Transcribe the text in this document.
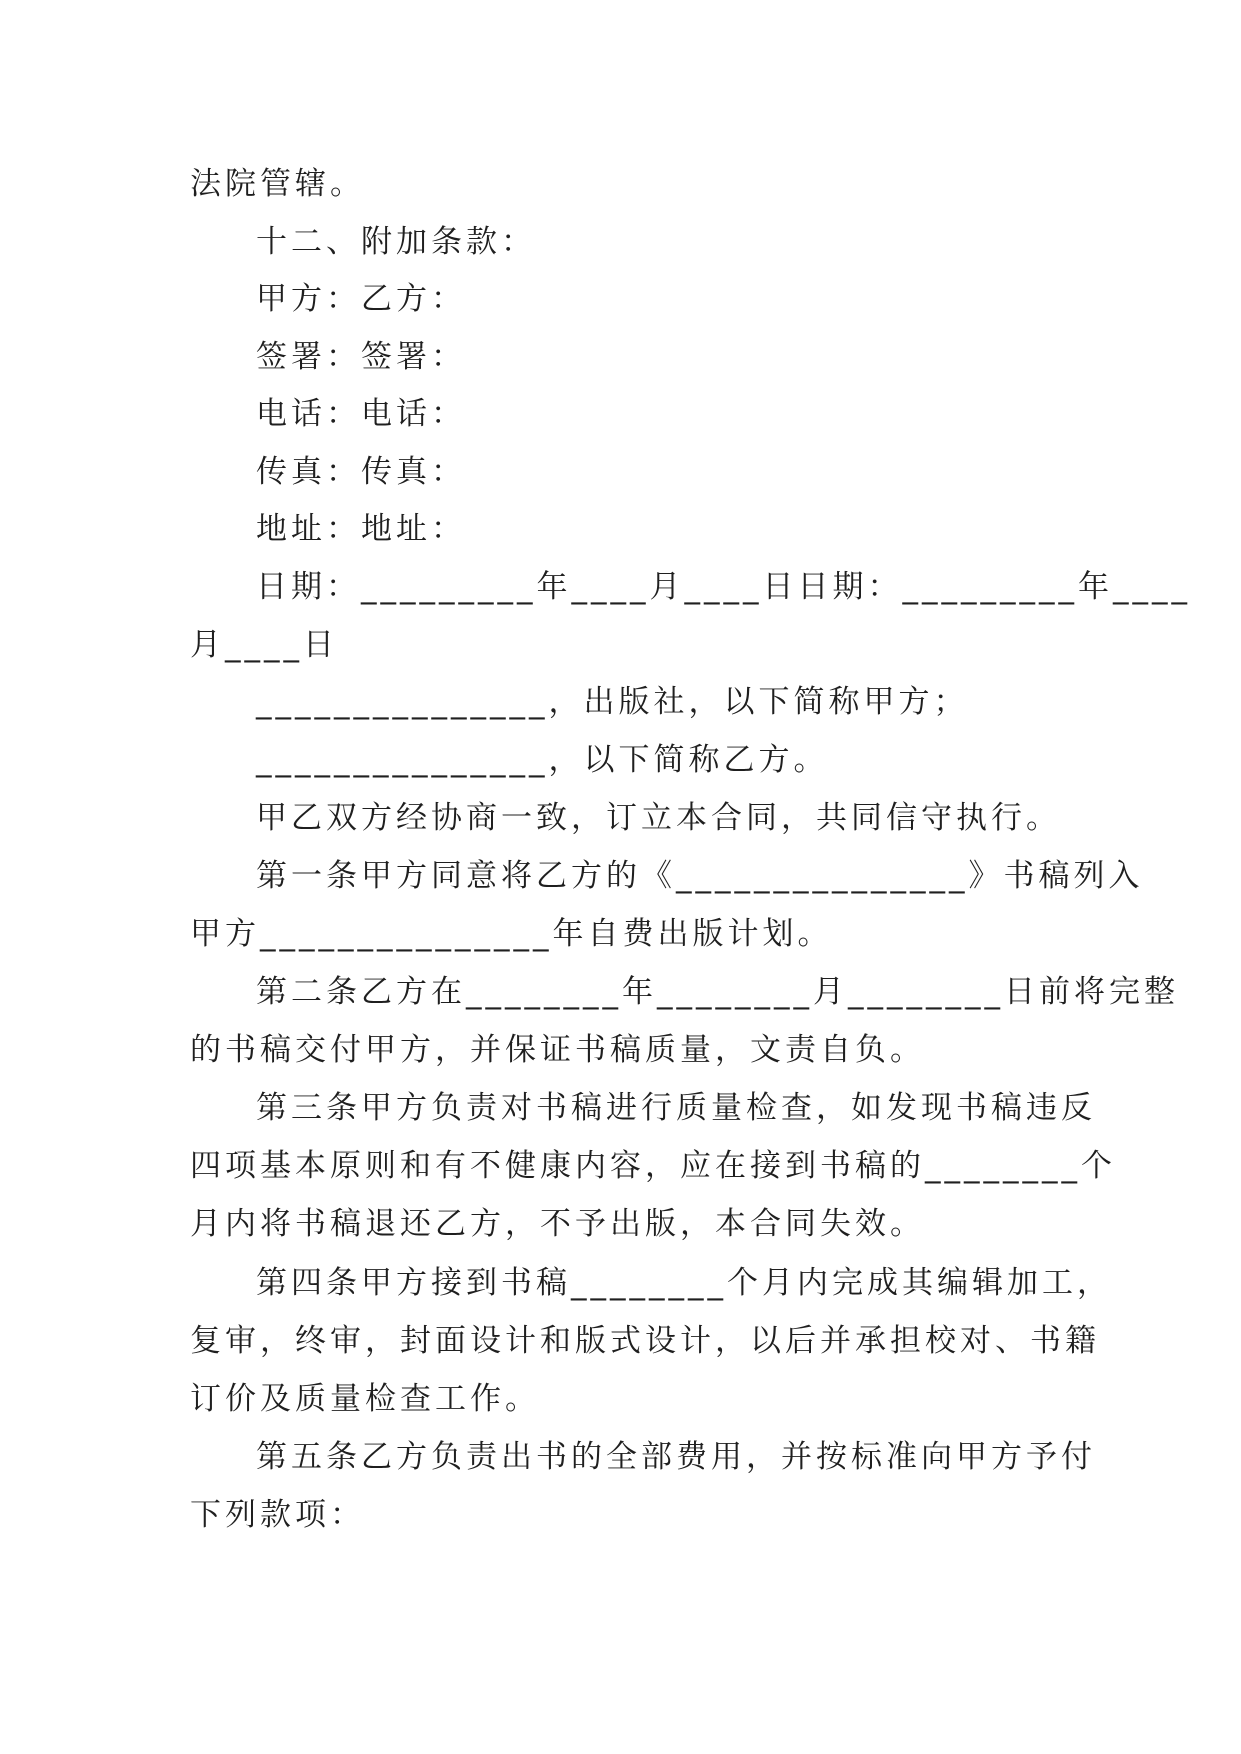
法院管辖。
十二、附加条款：
甲方：乙方：
签署：签署：
电话：电话：
传真：传真：
地址：地址：
日期：_________年____月____日日期：_________年____
月____日
_______________，出版社，以下简称甲方；
_______________，以下简称乙方。
甲乙双方经协商一致，订立本合同，共同信守执行。
第一条甲方同意将乙方的《_______________》书稿列入
甲方_______________年自费出版计划。
第二条乙方在________年________月________日前将完整
的书稿交付甲方，并保证书稿质量，文责自负。
第三条甲方负责对书稿进行质量检查，如发现书稿违反
四项基本原则和有不健康内容，应在接到书稿的________个
月内将书稿退还乙方，不予出版，本合同失效。
第四条甲方接到书稿________个月内完成其编辑加工，
复审，终审，封面设计和版式设计，以后并承担校对、书籍
订价及质量检查工作。
第五条乙方负责出书的全部费用，并按标准向甲方予付
下列款项：
